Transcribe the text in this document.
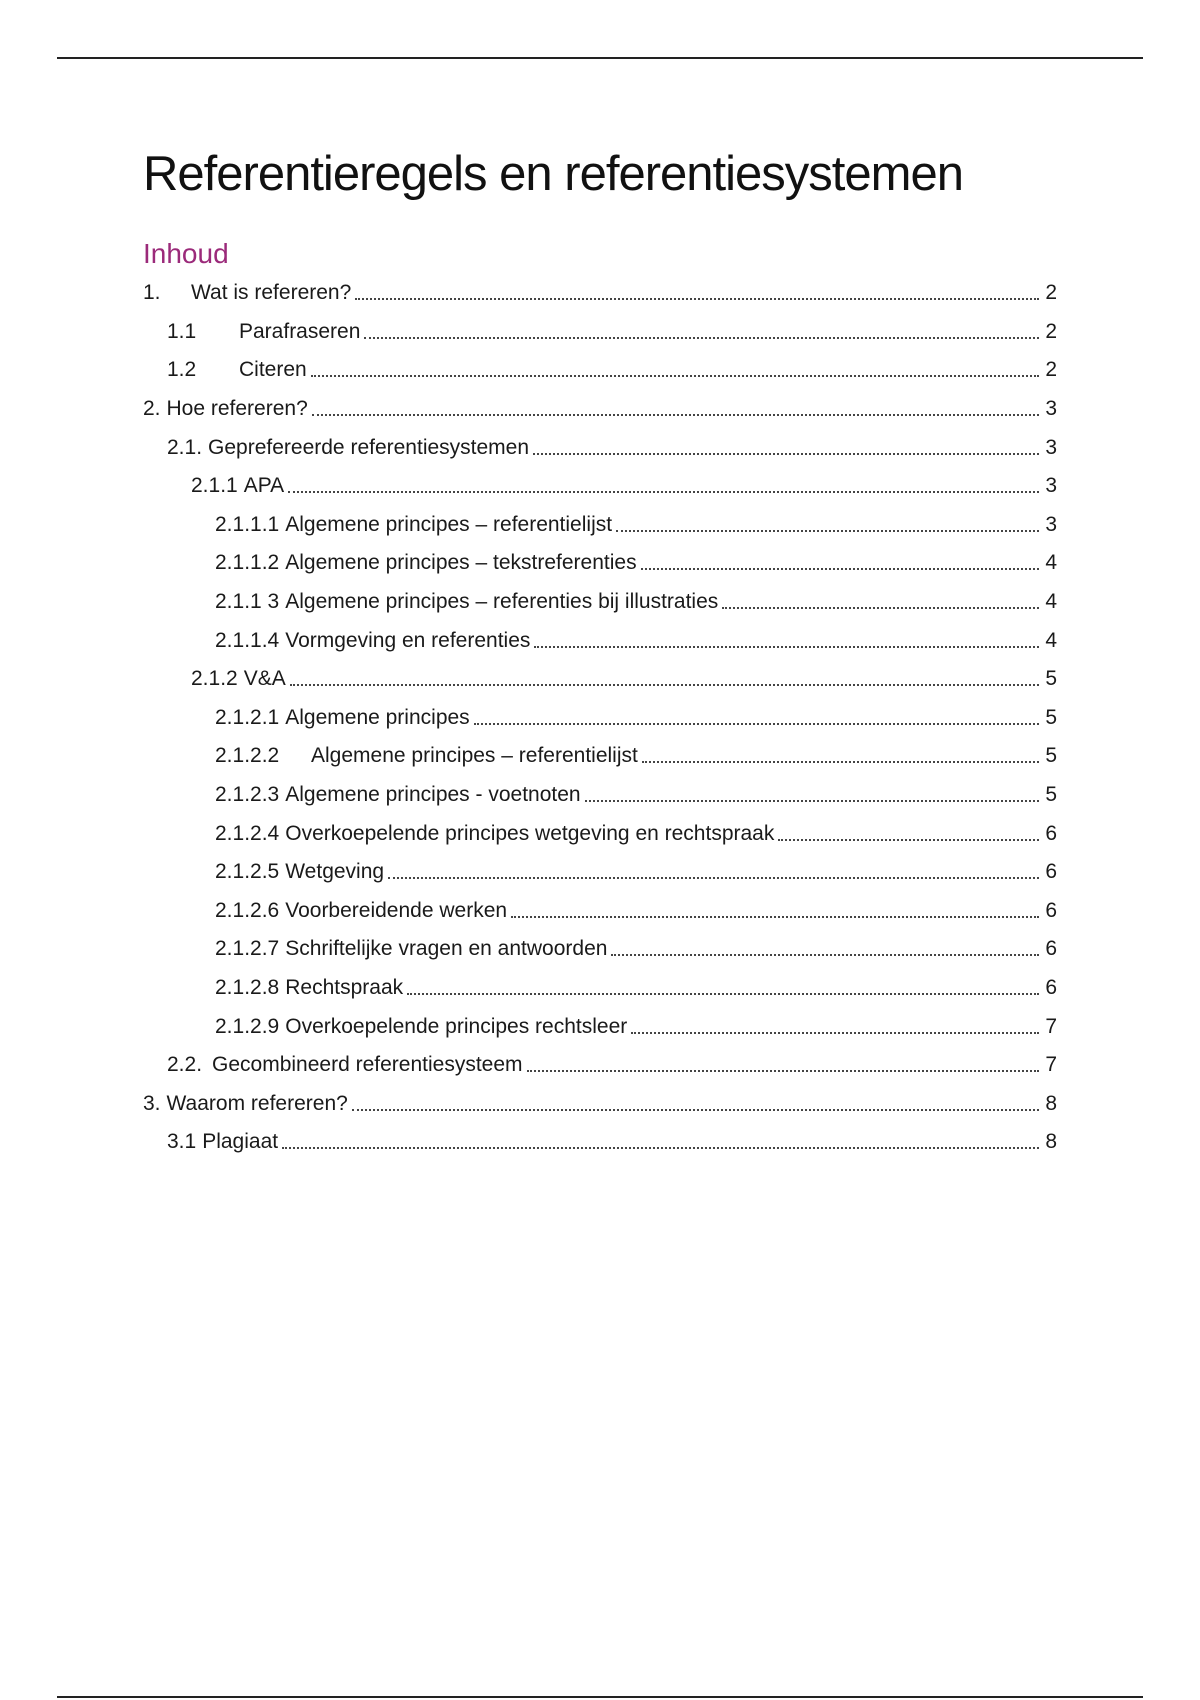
Referentieregels en referentiesystemen
Inhoud
1.	Wat is refereren?	2
1.1	Parafraseren	2
1.2	Citeren	2
2. Hoe refereren?	3
2.1. Geprefereerde referentiesystemen	3
2.1.1 APA	3
2.1.1.1 Algemene principes – referentielijst	3
2.1.1.2 Algemene principes – tekstreferenties	4
2.1.1 3 Algemene principes – referenties bij illustraties	4
2.1.1.4 Vormgeving en referenties	4
2.1.2 V&A	5
2.1.2.1 Algemene principes	5
2.1.2.2	Algemene principes – referentielijst	5
2.1.2.3 Algemene principes - voetnoten	5
2.1.2.4 Overkoepelende principes wetgeving en rechtspraak	6
2.1.2.5 Wetgeving	6
2.1.2.6 Voorbereidende werken	6
2.1.2.7 Schriftelijke vragen en antwoorden	6
2.1.2.8 Rechtspraak	6
2.1.2.9 Overkoepelende principes rechtsleer	7
2.2. Gecombineerd referentiesysteem	7
3. Waarom refereren?	8
3.1 Plagiaat	8
